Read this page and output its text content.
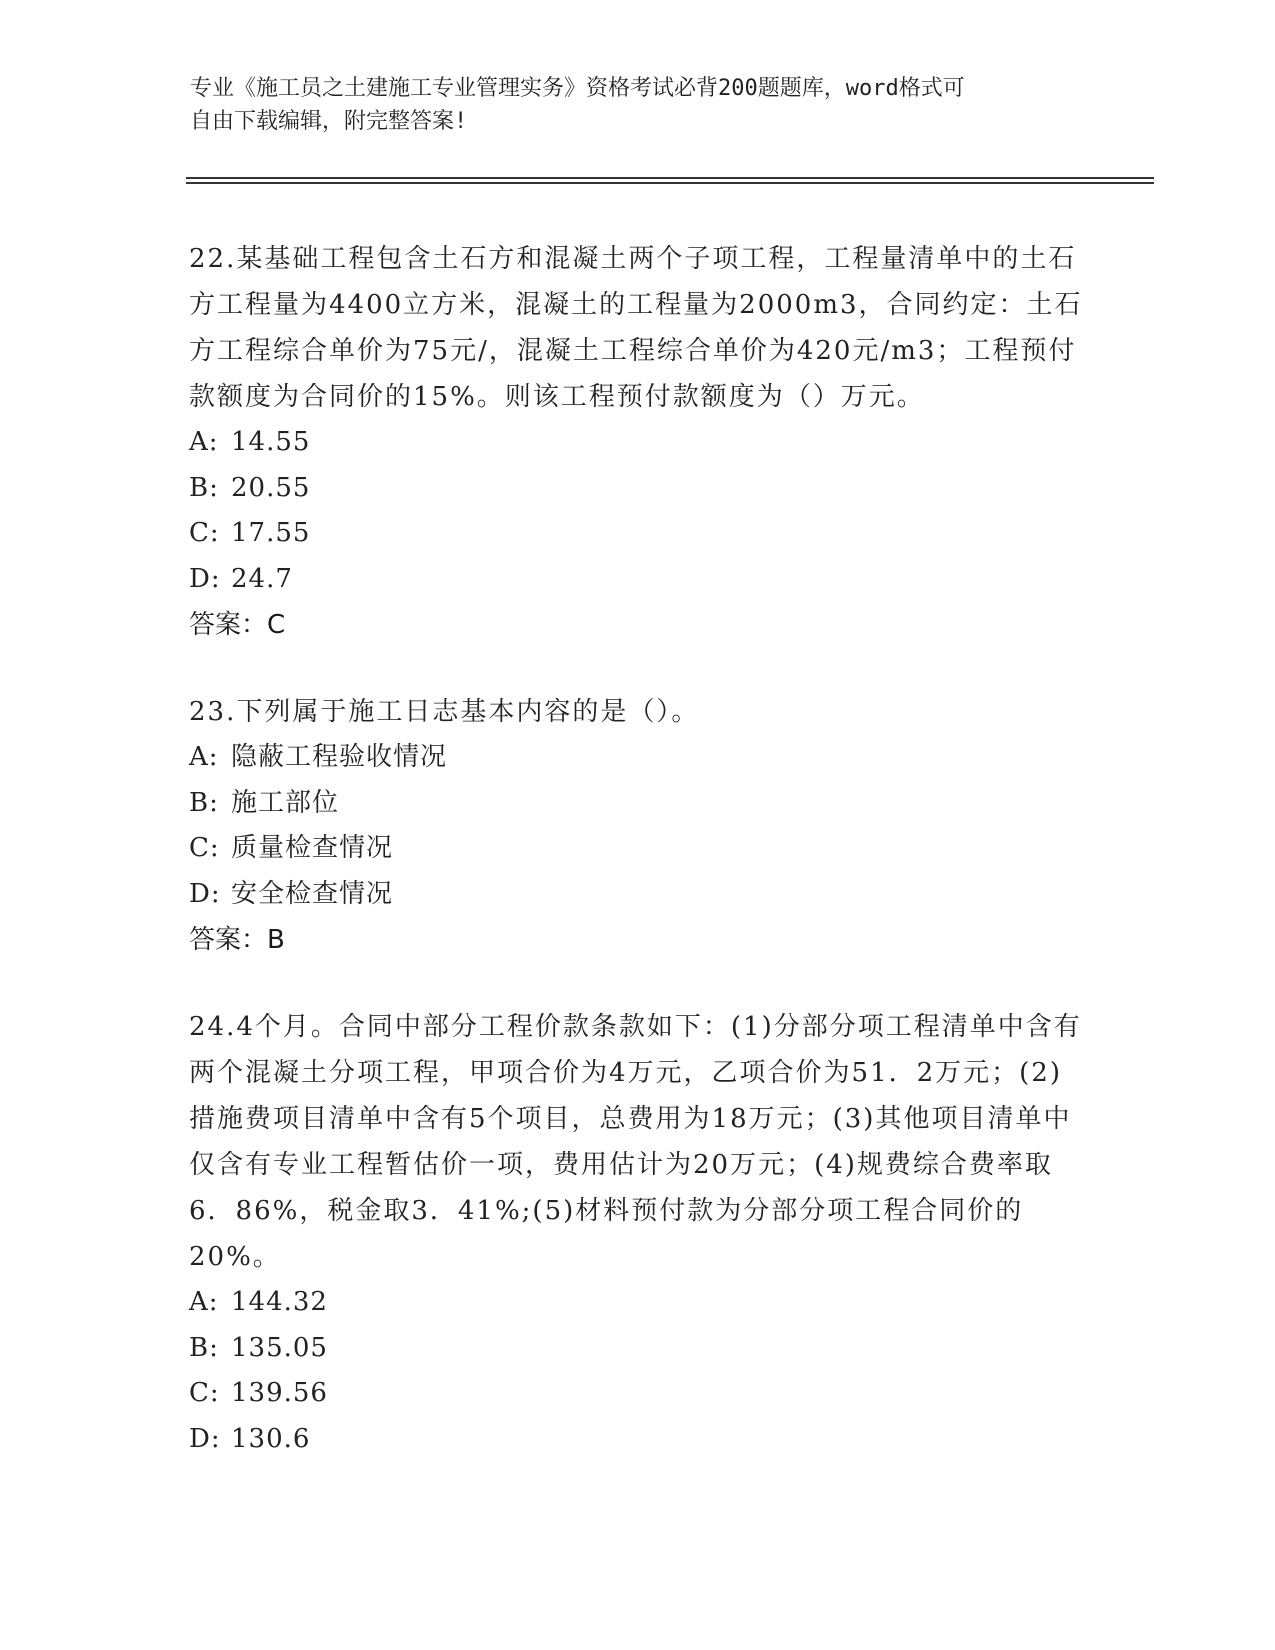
专业《施工员之土建施工专业管理实务》资格考试必背200题题库，word格式可
自由下载编辑，附完整答案!
22.某基础工程包含土石方和混凝土两个子项工程，工程量清单中的土石方工程量为4400立方米，混凝土的工程量为2000m3，合同约定：土石方工程综合单价为75元/，混凝土工程综合单价为420元/m3；工程预付款额度为合同价的15%。则该工程预付款额度为（）万元。
A: 14.55
B: 20.55
C: 17.55
D: 24.7
答案：C
23.下列属于施工日志基本内容的是（）。
A: 隐蔽工程验收情况
B: 施工部位
C: 质量检查情况
D: 安全检查情况
答案：B
24.4个月。合同中部分工程价款条款如下：(1)分部分项工程清单中含有两个混凝土分项工程，甲项合价为4万元，乙项合价为51．2万元；(2)措施费项目清单中含有5个项目，总费用为18万元；(3)其他项目清单中仅含有专业工程暂估价一项，费用估计为20万元；(4)规费综合费率取6．86%，税金取3．41%;(5)材料预付款为分部分项工程合同价的20%。
A: 144.32
B: 135.05
C: 139.56
D: 130.6
